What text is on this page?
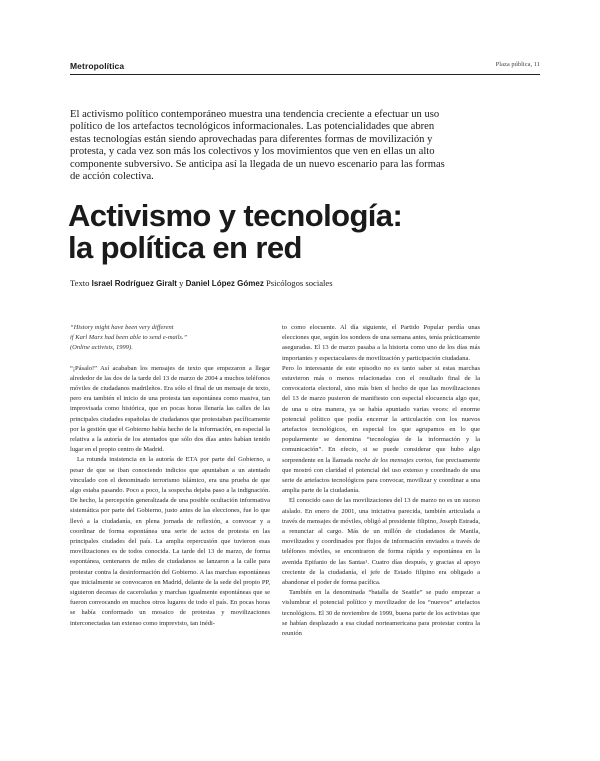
Metropolítica	Plaza pública, 11

El activismo político contemporáneo muestra una tendencia creciente a efectuar un uso político de los artefactos tecnológicos informacionales. Las potencialidades que abren estas tecnologías están siendo aprovechadas para diferentes formas de movilización y protesta, y cada vez son más los colectivos y los movimientos que ven en ellas un alto componente subversivo. Se anticipa así la llegada de un nuevo escenario para las formas de acción colectiva.

Activismo y tecnología:
la política en red
Texto Israel Rodríguez Giralt y Daniel López Gómez Psicólogos sociales

“History might have been very different
if Karl Marx had been able to send e-mails.”
(Online activists, 1999).

“¡Pásalo!” Así acababan los mensajes de texto que empezaron a llegar alrededor de las dos de la tarde del 13 de marzo de 2004 a muchos teléfonos móviles de ciudadanos madrileños. Era sólo el final de un mensaje de texto, pero era también el inicio de una protesta tan espontánea como masiva, tan improvisada como histórica, que en pocas horas llenaría las calles de las principales ciudades españolas de ciudadanos que protestaban pacíficamente por la gestión que el Gobierno había hecho de la información, en especial la relativa a la autoría de los atentados que sólo dos días antes habían tenido lugar en el propio centro de Madrid.

La rotunda insistencia en la autoría de ETA por parte del Gobierno, a pesar de que se iban conociendo indicios que apuntaban a un atentado vinculado con el denominado terrorismo islámico, era una prueba de que algo estaba pasando. Poco a poco, la sospecha dejaba paso a la indignación. De hecho, la percepción generalizada de una posible ocultación informativa sistemática por parte del Gobierno, justo antes de las elecciones, fue lo que llevó a la ciudadanía, en plena jornada de reflexión, a convocar y a coordinar de forma espontánea una serie de actos de protesta en las principales ciudades del país. La amplia repercusión que tuvieron esas movilizaciones es de todos conocida. La tarde del 13 de marzo, de forma espontánea, centenares de miles de ciudadanos se lanzaron a la calle para protestar contra la desinformación del Gobierno. A las marchas espontáneas que inicialmente se convocaron en Madrid, delante de la sede del propio PP, siguieron decenas de caceroladas y marchas igualmente espontáneas que se fueron convocando en muchos otros lugares de todo el país. En pocas horas se había conformado un mosaico de protestas y movilizaciones interconectadas tan extenso como imprevisto, tan inédi-

to como elocuente. Al día siguiente, el Partido Popular perdía unas elecciones que, según los sondeos de una semana antes, tenía prácticamente aseguradas. El 13 de marzo pasaba a la historia como uno de los días más importantes y espectaculares de movilización y participación ciudadana.

Pero lo interesante de este episodio no es tanto saber si estas marchas estuvieron más o menos relacionadas con el resultado final de la convocatoria electoral, sino más bien el hecho de que las movilizaciones del 13 de marzo pusieron de manifiesto con especial elocuencia algo que, de una u otra manera, ya se había apuntado varias veces: el enorme potencial político que podía encerrar la articulación con los nuevos artefactos tecnológicos, en especial los que agrupamos en lo que popularmente se denomina “tecnologías de la información y la comunicación”. En efecto, si se puede considerar que hubo algo sorprendente en la llamada noche de los mensajes cortos, fue precisamente que mostró con claridad el potencial del uso extenso y coordinado de una serie de artefactos tecnológicos para convocar, movilizar y coordinar a una amplia parte de la ciudadanía.

El conocido caso de las movilizaciones del 13 de marzo no es un suceso aislado. En enero de 2001, una iniciativa parecida, también articulada a través de mensajes de móviles, obligó al presidente filipino, Joseph Estrada, a renunciar al cargo. Más de un millón de ciudadanos de Manila, movilizados y coordinados por flujos de información enviados a través de teléfonos móviles, se encontraron de forma rápida y espontánea en la avenida Epifanio de las Santas¹. Cuatro días después, y gracias al apoyo creciente de la ciudadanía, el jefe de Estado filipino era obligado a abandonar el poder de forma pacífica.

También en la denominada “batalla de Seattle” se pudo empezar a vislumbrar el potencial político y movilizador de los “nuevos” artefactos tecnológicos. El 30 de noviembre de 1999, buena parte de los activistas que se habían desplazado a esa ciudad norteamericana para protestar contra la reunión
